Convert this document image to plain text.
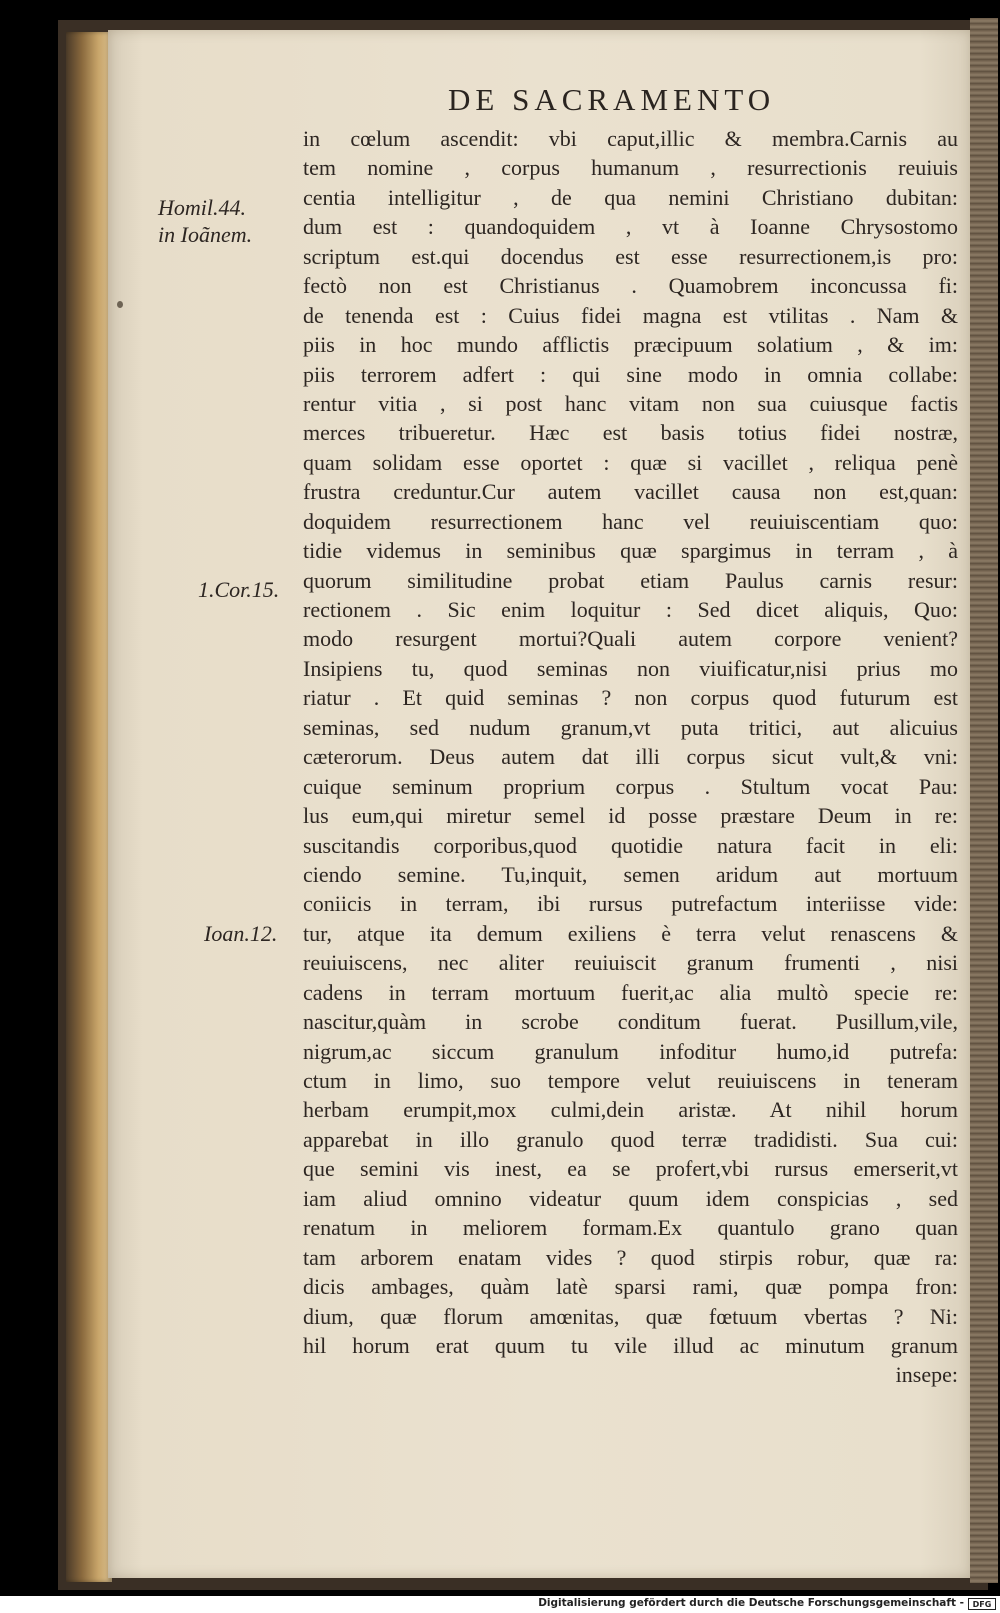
DE SACRAMENTO
Homil.44.
in Ioãnem.
1.Cor.15.
Ioan.12.
in cœlum ascendit: vbi caput,illic & membra.Carnis au
tem nomine , corpus humanum , resurrectionis reuiuis
centia intelligitur , de qua nemini Christiano dubitan:
dum est : quandoquidem , vt à Ioanne Chrysostomo
scriptum est.qui docendus est esse resurrectionem,is pro:
fectò non est Christianus . Quamobrem inconcussa fi:
de tenenda est : Cuius fidei magna est vtilitas . Nam &
piis in hoc mundo afflictis præcipuum solatium , & im:
piis terrorem adfert : qui sine modo in omnia collabe:
rentur vitia , si post hanc vitam non sua cuiusque factis
merces tribueretur. Hæc est basis totius fidei nostræ,
quam solidam esse oportet : quæ si vacillet , reliqua penè
frustra creduntur.Cur autem vacillet causa non est,quan:
doquidem resurrectionem hanc vel reuiuiscentiam quo:
tidie videmus in seminibus quæ spargimus in terram , à
quorum similitudine probat etiam Paulus carnis resur:
rectionem . Sic enim loquitur : Sed dicet aliquis, Quo:
modo resurgent mortui?Quali autem corpore venient?
Insipiens tu, quod seminas non viuificatur,nisi prius mo
riatur . Et quid seminas ? non corpus quod futurum est
seminas, sed nudum granum,vt puta tritici, aut alicuius
cæterorum. Deus autem dat illi corpus sicut vult,& vni:
cuique seminum proprium corpus . Stultum vocat Pau:
lus eum,qui miretur semel id posse præstare Deum in re:
suscitandis corporibus,quod quotidie natura facit in eli:
ciendo semine. Tu,inquit, semen aridum aut mortuum
coniicis in terram, ibi rursus putrefactum interiisse vide:
tur, atque ita demum exiliens è terra velut renascens &
reuiuiscens, nec aliter reuiuiscit granum frumenti , nisi
cadens in terram mortuum fuerit,ac alia multò specie re:
nascitur,quàm in scrobe conditum fuerat. Pusillum,vile,
nigrum,ac siccum granulum infoditur humo,id putrefa:
ctum in limo, suo tempore velut reuiuiscens in teneram
herbam erumpit,mox culmi,dein aristæ. At nihil horum
apparebat in illo granulo quod terræ tradidisti. Sua cui:
que semini vis inest, ea se profert,vbi rursus emerserit,vt
iam aliud omnino videatur quum idem conspicias , sed
renatum in meliorem formam.Ex quantulo grano quan
tam arborem enatam vides ? quod stirpis robur, quæ ra:
dicis ambages, quàm latè sparsi rami, quæ pompa fron:
dium, quæ florum amœnitas, quæ fœtuum vbertas ? Ni:
hil horum erat quum tu vile illud ac minutum granum
insepe:
Digitalisierung gefördert durch die Deutsche Forschungsgemeinschaft -	DFG
